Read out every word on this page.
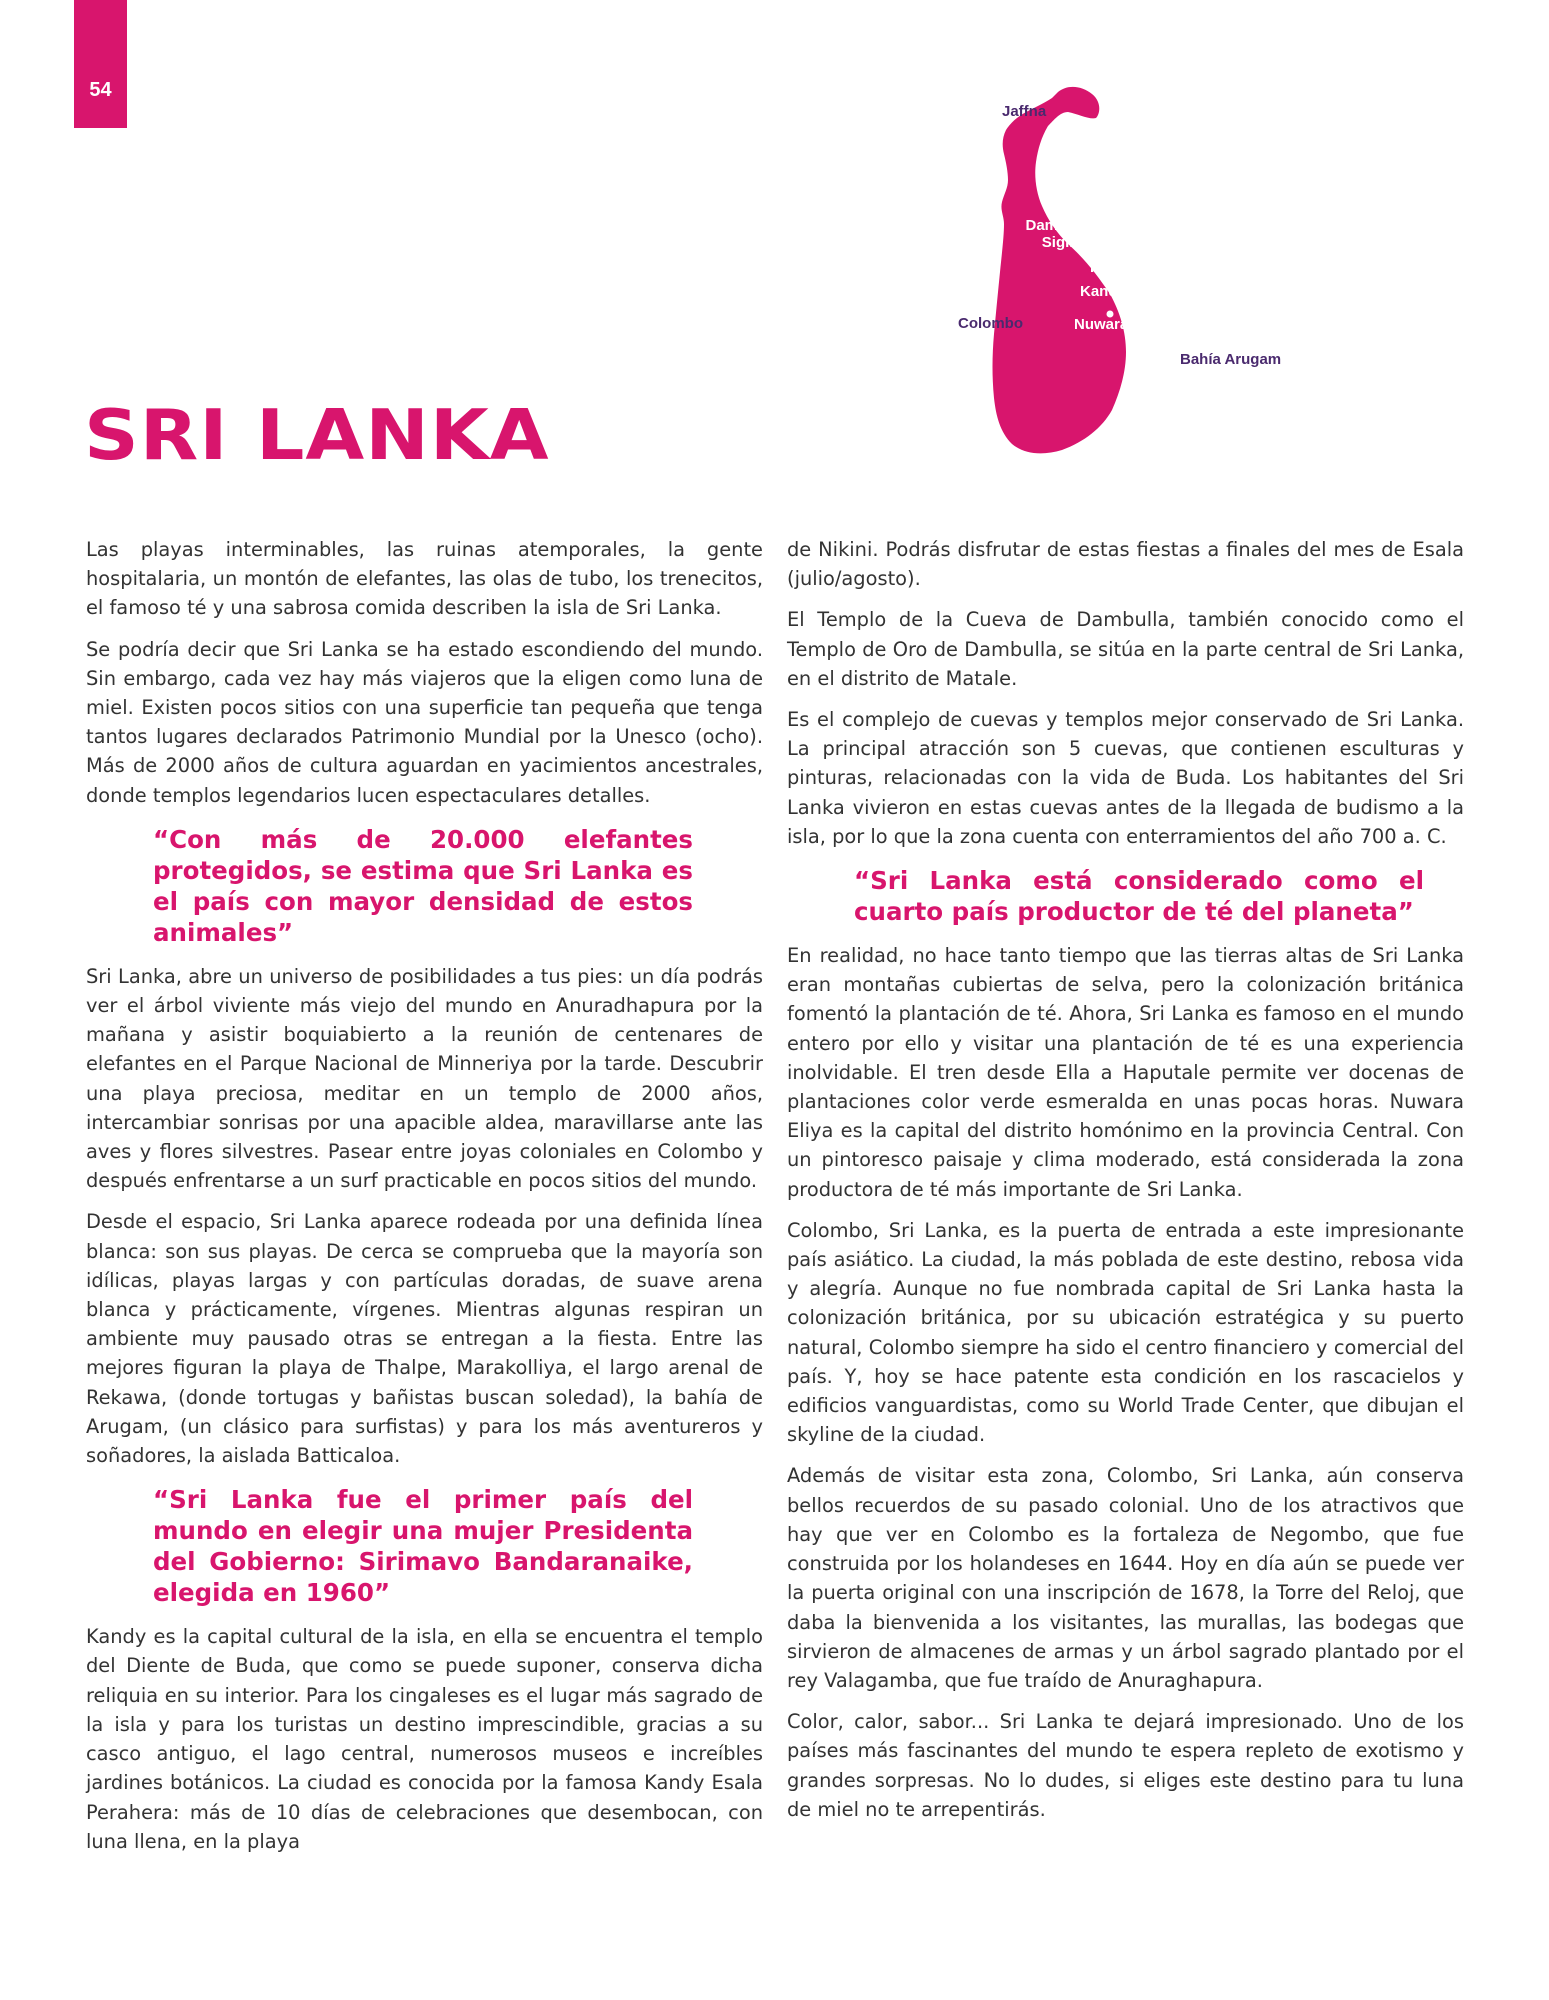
54
Jaffna
Dambulla
Sigiriya
Polonnaruwa
Kandy
Colombo	Nuwara Eliya
Bahía Arugam
SRI LANKA

Las playas interminables, las ruinas atemporales, la gente hospitalaria, un montón de elefantes, las olas de tubo, los trenecitos, el famoso té y una sabrosa comida describen la isla de Sri Lanka.

Se podría decir que Sri Lanka se ha estado escondiendo del mundo. Sin embargo, cada vez hay más viajeros que la eligen como luna de miel. Existen pocos sitios con una superficie tan pequeña que tenga tantos lugares declarados Patrimonio Mundial por la Unesco (ocho). Más de 2000 años de cultura aguardan en yacimientos ancestrales, donde templos legendarios lucen espectaculares detalles.

“Con más de 20.000 elefantes protegidos, se estima que Sri Lanka es el país con mayor densidad de estos animales”

Sri Lanka, abre un universo de posibilidades a tus pies: un día podrás ver el árbol viviente más viejo del mundo en Anuradhapura por la mañana y asistir boquiabierto a la reunión de centenares de elefantes en el Parque Nacional de Minneriya por la tarde. Descubrir una playa preciosa, meditar en un templo de 2000 años, intercambiar sonrisas por una apacible aldea, maravillarse ante las aves y flores silvestres. Pasear entre joyas coloniales en Colombo y después enfrentarse a un surf practicable en pocos sitios del mundo.

Desde el espacio, Sri Lanka aparece rodeada por una definida línea blanca: son sus playas. De cerca se comprueba que la mayoría son idílicas, playas largas y con partículas doradas, de suave arena blanca y prácticamente, vírgenes. Mientras algunas respiran un ambiente muy pausado otras se entregan a la fiesta. Entre las mejores figuran la playa de Thalpe, Marakolliya, el largo arenal de Rekawa, (donde tortugas y bañistas buscan soledad), la bahía de Arugam, (un clásico para surfistas) y para los más aventureros y soñadores, la aislada Batticaloa.

“Sri Lanka fue el primer país del mundo en elegir una mujer Presidenta del Gobierno: Sirimavo Bandaranaike, elegida en 1960”

Kandy es la capital cultural de la isla, en ella se encuentra el templo del Diente de Buda, que como se puede suponer, conserva dicha reliquia en su interior. Para los cingaleses es el lugar más sagrado de la isla y para los turistas un destino imprescindible, gracias a su casco antiguo, el lago central, numerosos museos e increíbles jardines botánicos. La ciudad es conocida por la famosa Kandy Esala Perahera: más de 10 días de celebraciones que desembocan, con luna llena, en la playa

de Nikini. Podrás disfrutar de estas fiestas a finales del mes de Esala (julio/agosto).

El Templo de la Cueva de Dambulla, también conocido como el Templo de Oro de Dambulla, se sitúa en la parte central de Sri Lanka, en el distrito de Matale.

Es el complejo de cuevas y templos mejor conservado de Sri Lanka. La principal atracción son 5 cuevas, que contienen esculturas y pinturas, relacionadas con la vida de Buda. Los habitantes del Sri Lanka vivieron en estas cuevas antes de la llegada de budismo a la isla, por lo que la zona cuenta con enterramientos del año 700 a. C.

“Sri Lanka está considerado como el cuarto país productor de té del planeta”

En realidad, no hace tanto tiempo que las tierras altas de Sri Lanka eran montañas cubiertas de selva, pero la colonización británica fomentó la plantación de té. Ahora, Sri Lanka es famoso en el mundo entero por ello y visitar una plantación de té es una experiencia inolvidable. El tren desde Ella a Haputale permite ver docenas de plantaciones color verde esmeralda en unas pocas horas. Nuwara Eliya es la capital del distrito homónimo en la provincia Central. Con un pintoresco paisaje y clima moderado, está considerada la zona productora de té más importante de Sri Lanka.

Colombo, Sri Lanka, es la puerta de entrada a este impresionante país asiático. La ciudad, la más poblada de este destino, rebosa vida y alegría. Aunque no fue nombrada capital de Sri Lanka hasta la colonización británica, por su ubicación estratégica y su puerto natural, Colombo siempre ha sido el centro financiero y comercial del país. Y, hoy se hace patente esta condición en los rascacielos y edificios vanguardistas, como su World Trade Center, que dibujan el skyline de la ciudad.

Además de visitar esta zona, Colombo, Sri Lanka, aún conserva bellos recuerdos de su pasado colonial. Uno de los atractivos que hay que ver en Colombo es la fortaleza de Negombo, que fue construida por los holandeses en 1644. Hoy en día aún se puede ver la puerta original con una inscripción de 1678, la Torre del Reloj, que daba la bienvenida a los visitantes, las murallas, las bodegas que sirvieron de almacenes de armas y un árbol sagrado plantado por el rey Valagamba, que fue traído de Anuraghapura.

Color, calor, sabor... Sri Lanka te dejará impresionado. Uno de los países más fascinantes del mundo te espera repleto de exotismo y grandes sorpresas. No lo dudes, si eliges este destino para tu luna de miel no te arrepentirás.
